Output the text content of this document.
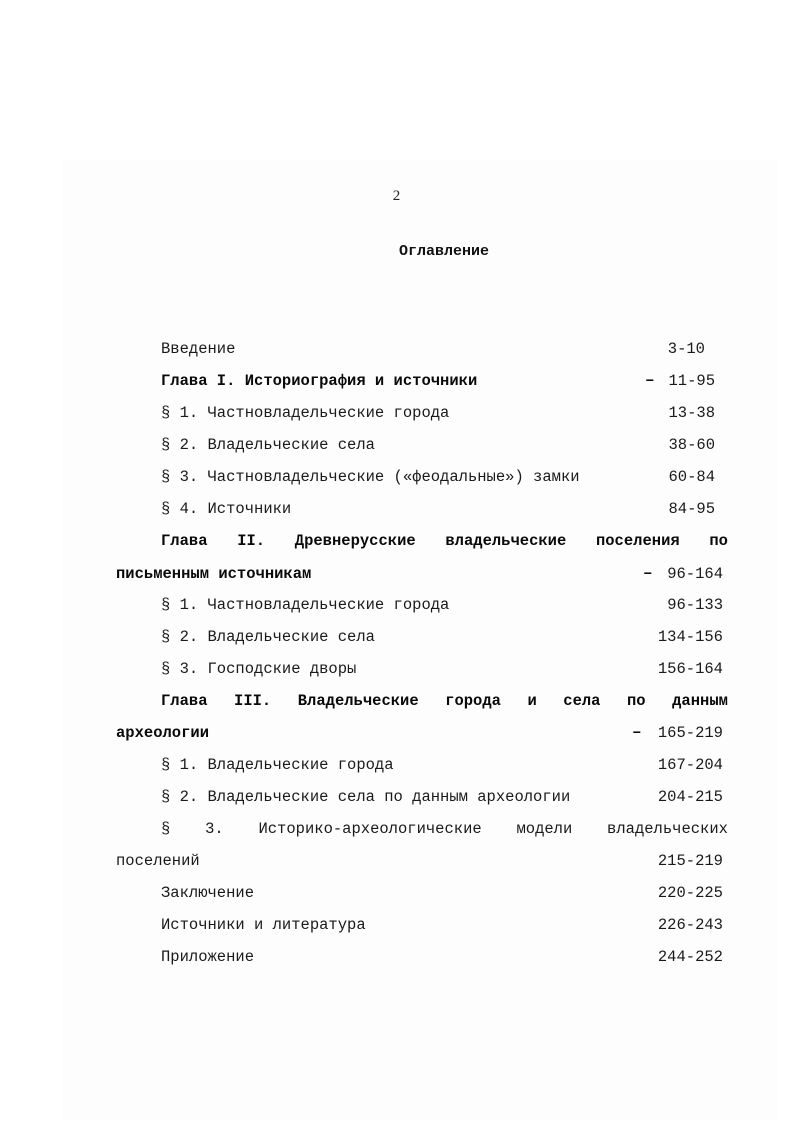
2
Оглавление
Введение	3-10
Глава I. Историография и источники	– 11-95
§ 1. Частновладельческие города	13-38
§ 2. Владельческие села	38-60
§ 3. Частновладельческие («феодальные») замки	60-84
§ 4. Источники	84-95
Глава II. Древнерусские владельческие поселения по
письменным источникам	– 96-164
§ 1. Частновладельческие города	96-133
§ 2. Владельческие села	134-156
§ 3. Господские дворы	156-164
Глава III. Владельческие города и села по данным
археологии	– 165-219
§ 1. Владельческие города	167-204
§ 2. Владельческие села по данным археологии	204-215
§ 3. Историко-археологические модели владельческих
поселений	215-219
Заключение	220-225
Источники и литература	226-243
Приложение	244-252
